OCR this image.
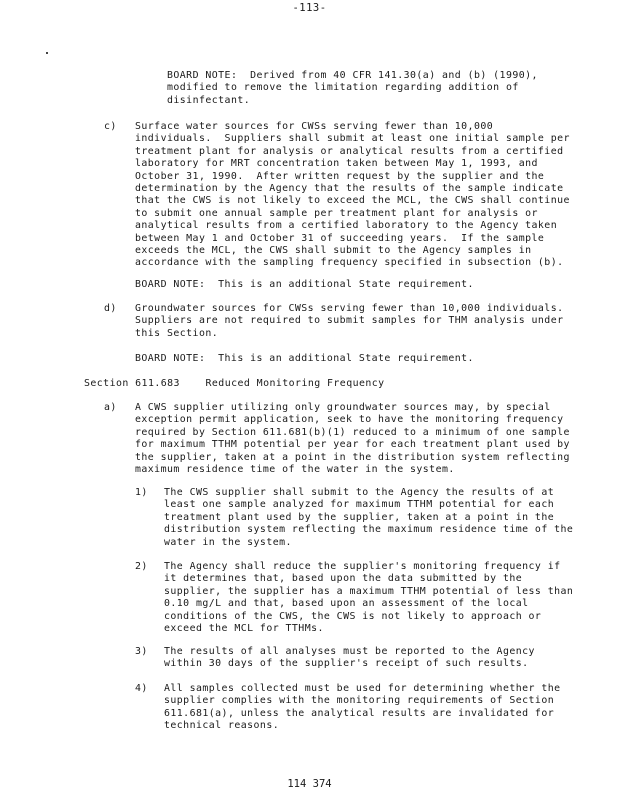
-113-
BOARD NOTE:  Derived from 40 CFR 141.30(a) and (b) (1990),
modified to remove the limitation regarding addition of
disinfectant.
c) Surface water sources for CWSs serving fewer than 10,000
individuals.  Suppliers shall submit at least one initial sample per
treatment plant for analysis or analytical results from a certified
laboratory for MRT concentration taken between May 1, 1993, and
October 31, 1990.  After written request by the supplier and the
determination by the Agency that the results of the sample indicate
that the CWS is not likely to exceed the MCL, the CWS shall continue
to submit one annual sample per treatment plant for analysis or
analytical results from a certified laboratory to the Agency taken
between May 1 and October 31 of succeeding years.  If the sample
exceeds the MCL, the CWS shall submit to the Agency samples in
accordance with the sampling frequency specified in subsection (b).
BOARD NOTE:  This is an additional State requirement.
d) Groundwater sources for CWSs serving fewer than 10,000 individuals.
Suppliers are not required to submit samples for THM analysis under
this Section.
BOARD NOTE:  This is an additional State requirement.
Section 611.683    Reduced Monitoring Frequency
a) A CWS supplier utilizing only groundwater sources may, by special
exception permit application, seek to have the monitoring frequency
required by Section 611.681(b)(1) reduced to a minimum of one sample
for maximum TTHM potential per year for each treatment plant used by
the supplier, taken at a point in the distribution system reflecting
maximum residence time of the water in the system.
1) The CWS supplier shall submit to the Agency the results of at
least one sample analyzed for maximum TTHM potential for each
treatment plant used by the supplier, taken at a point in the
distribution system reflecting the maximum residence time of the
water in the system.
2) The Agency shall reduce the supplier's monitoring frequency if
it determines that, based upon the data submitted by the
supplier, the supplier has a maximum TTHM potential of less than
0.10 mg/L and that, based upon an assessment of the local
conditions of the CWS, the CWS is not likely to approach or
exceed the MCL for TTHMs.
3) The results of all analyses must be reported to the Agency
within 30 days of the supplier's receipt of such results.
4) All samples collected must be used for determining whether the
supplier complies with the monitoring requirements of Section
611.681(a), unless the analytical results are invalidated for
technical reasons.
114 374
